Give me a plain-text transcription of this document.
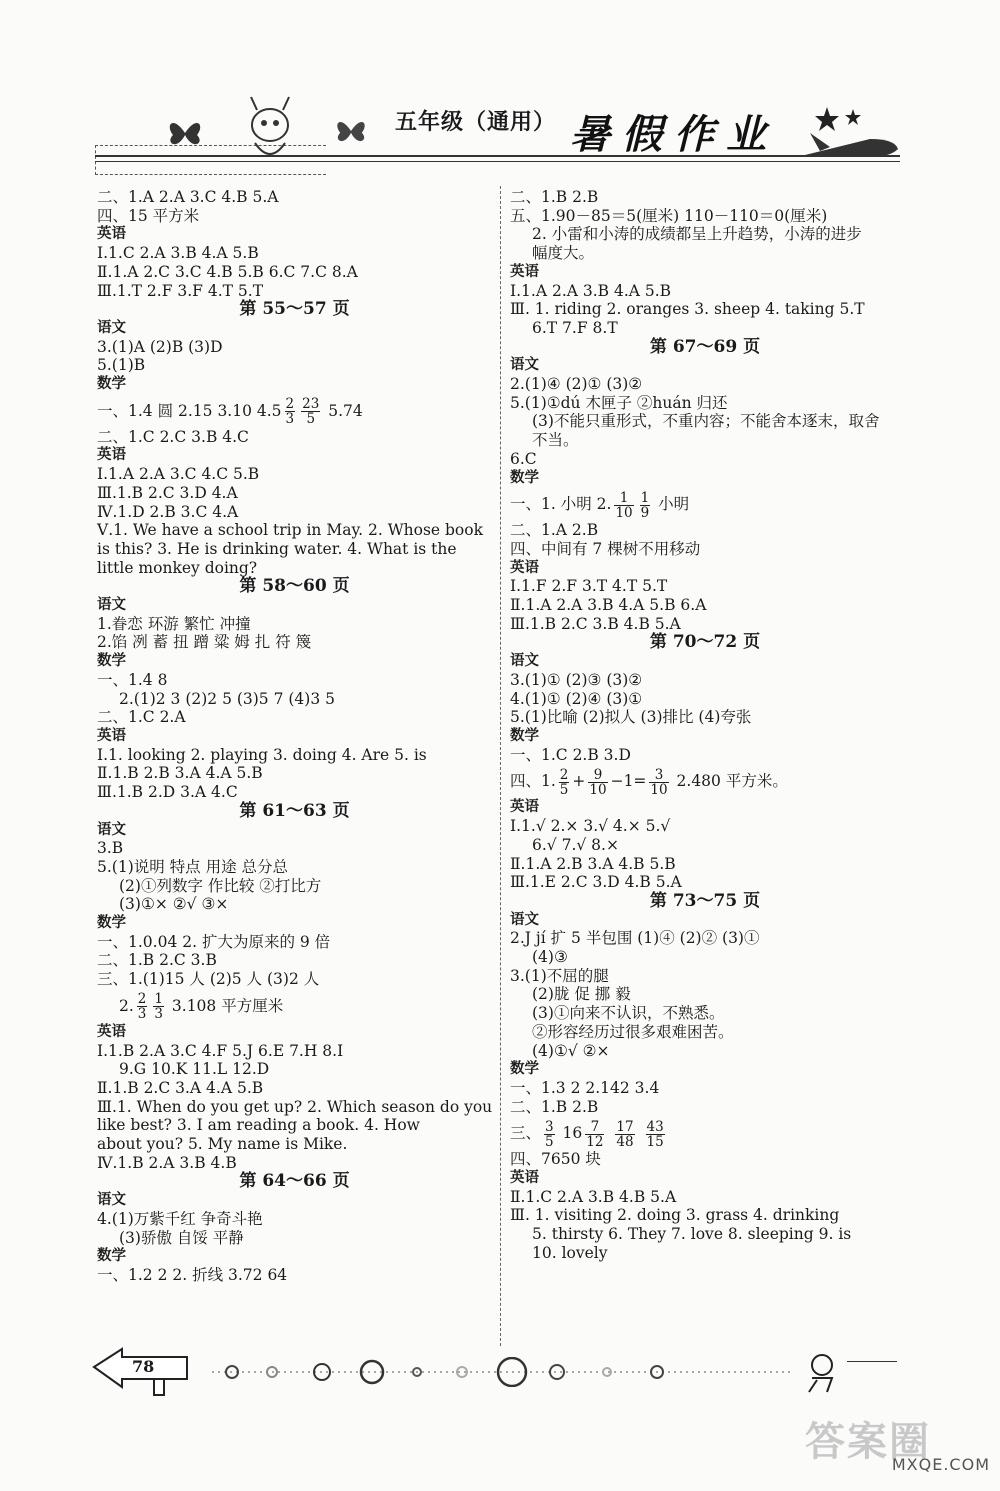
五年级（通用） 暑假作业
二、1.A 2.A 3.C 4.B 5.A
四、15 平方米
英语
Ⅰ.1.C 2.A 3.B 4.A 5.B
Ⅱ.1.A 2.C 3.C 4.B 5.B 6.C 7.C 8.A
Ⅲ.1.T 2.F 3.F 4.T 5.T
第 55～57 页
语文
3.(1)A (2)B (3)D
5.(1)B
数学
一、1.4 圆 2.15 3.10 $4.5 \frac{2}{3} \frac{23}{5} 5.74$
二、1.C 2.C 3.B 4.C
英语
Ⅰ.1.A 2.A 3.C 4.C 5.B
Ⅲ.1.B 2.C 3.D 4.A
Ⅳ.1.D 2.B 3.C 4.A
Ⅴ.1. We have a school trip in May. 2. Whose book
is this? 3. He is drinking water. 4. What is the
little monkey doing?
第 58～60 页
语文
1.眷恋 环游 繁忙 冲撞
2.馅 冽 蓄 扭 蹭 粱 姆 扎 符 篾
数学
一、1.4 8
2.(1)2 3 (2)2 5 (3)5 7 (4)3 5
二、1.C 2.A
英语
Ⅰ.1. looking 2. playing 3. doing 4. Are 5. is
Ⅱ.1.B 2.B 3.A 4.A 5.B
Ⅲ.1.B 2.D 3.A 4.C
第 61～63 页
语文
3.B
5.(1)说明 特点 用途 总分总
(2)①列数字 作比较 ②打比方
(3)①× ②√ ③×
数学
一、1.0.04 2. 扩大为原来的 9 倍
二、1.B 2.C 3.B
三、1.(1)15 人 (2)5 人 (3)2 人
2. $\frac{2}{3} \frac{1}{3} 3.108$ 平方厘米
英语
Ⅰ.1.B 2.A 3.C 4.F 5.J 6.E 7.H 8.I
9.G 10.K 11.L 12.D
Ⅱ.1.B 2.C 3.A 4.A 5.B
Ⅲ.1. When do you get up? 2. Which season do you
like best? 3. I am reading a book. 4. How
about you? 5. My name is Mike.
Ⅳ.1.B 2.A 3.B 4.B
第 64～66 页
语文
4.(1)万紫千红 争奇斗艳
(3)骄傲 自馁 平静
数学
一、1.2 2 2. 折线 3.72 64
二、1.B 2.B
五、1.90－85＝5(厘米) 110－110＝0(厘米)
2. 小雷和小涛的成绩都呈上升趋势，小涛的进步
幅度大。
英语
Ⅰ.1.A 2.A 3.B 4.A 5.B
Ⅲ. 1. riding 2. oranges 3. sheep 4. taking 5.T
6.T 7.F 8.T
第 67～69 页
语文
2.(1)④ (2)① (3)②
5.(1)①dú 木匣子 ②huán 归还
(3)不能只重形式，不重内容；不能舍本逐末，取舍
不当。
6.C
数学
一、1. 小明 2. $\frac{1}{10} \frac{1}{9}$ 小明
二、1.A 2.B
四、中间有 7 棵树不用移动
英语
Ⅰ.1.F 2.F 3.T 4.T 5.T
Ⅱ.1.A 2.A 3.B 4.A 5.B 6.A
Ⅲ.1.B 2.C 3.B 4.B 5.A
第 70～72 页
语文
3.(1)① (2)③ (3)②
4.(1)① (2)④ (3)①
5.(1)比喻 (2)拟人 (3)排比 (4)夸张
数学
一、1.C 2.B 3.D
四、1. $\frac{2}{5} + \frac{9}{10} -1= \frac{3}{10} 2.480$ 平方米。
英语
Ⅰ.1.√ 2.× 3.√ 4.× 5.√
6.√ 7.√ 8.×
Ⅱ.1.A 2.B 3.A 4.B 5.B
Ⅲ.1.E 2.C 3.D 4.B 5.A
第 73～75 页
语文
2.J jí 扩 5 半包围 (1)④ (2)② (3)①
(4)③
3.(1)不屈的腿
(2)胧 促 挪 毅
(3)①向来不认识，不熟悉。
②形容经历过很多艰难困苦。
(4)①√ ②×
数学
一、1.3 2 2.142 3.4
二、1.B 2.B
三、 $\frac{3}{5} 16 \frac{7}{12}$
$\frac{17}{48}$
$\frac{43}{15}$
四、7650 块
英语
Ⅱ.1.C 2.A 3.B 4.B 5.A
Ⅲ. 1. visiting 2. doing 3. grass 4. drinking
5. thirsty 6. They 7. love 8. sleeping 9. is
10. lovely
78
答案圈
MXQE.COM
